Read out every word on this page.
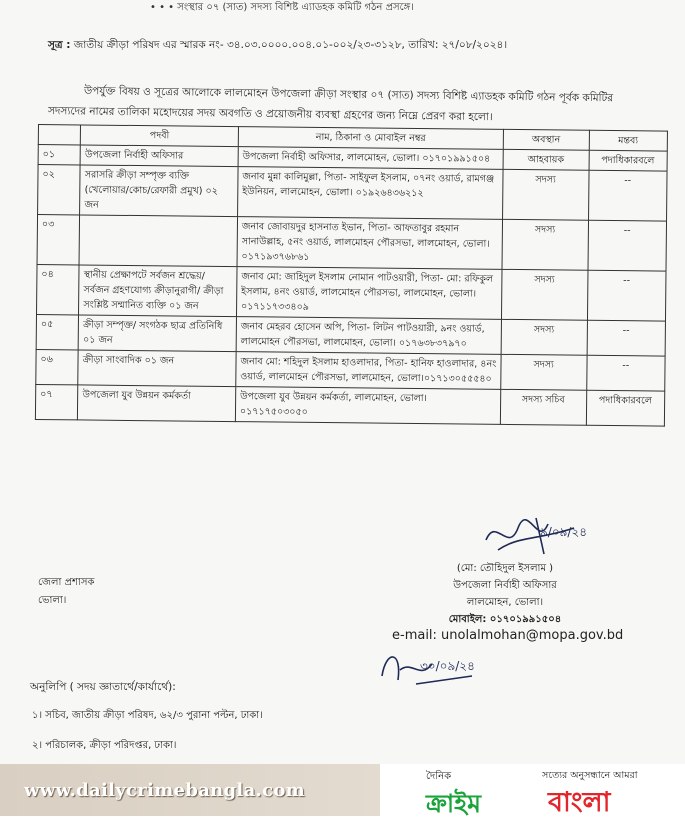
• • • সংস্থার ০৭ (সাত) সদস্য বিশিষ্ট এ্যাডহক কমিটি গঠন প্রসঙ্গে।
সূত্র : জাতীয় ক্রীড়া পরিষদ এর স্মারক নং- ৩৪.০৩.০০০০.০০৪.০১-০০২/২৩-৩১২৮, তারিখ: ২৭/০৮/২০২৪।
উপর্যুক্ত বিষয় ও সূত্রের আলোকে লালমোহন উপজেলা ক্রীড়া সংস্থার ০৭ (সাত) সদস্য বিশিষ্ট এ্যাডহক কমিটি গঠন পূর্বক কমিটির
সদস্যদের নামের তালিকা মহোদয়ের সদয় অবগতি ও প্রয়োজনীয় ব্যবস্থা গ্রহণের জন্য নিম্নে প্রেরণ করা হলো।
	পদবী	নাম, ঠিকানা ও মোবাইল নম্বর	অবস্থান	মন্তব্য
০১	উপজেলা নির্বাহী অফিসার	উপজেলা নির্বাহী অফিসার, লালমোহন, ভোলা। ০১৭০১৯৯১৫০৪	আহবায়ক	পদাধিকারবলে
০২	সরাসরি ক্রীড়া সম্পৃক্ত ব্যক্তি (খেলোয়ার/কোচ/রেফারী প্রমুখ) ০২ জন	জনাব মুন্না কালিমুল্লা, পিতা- সাইফুল ইসলাম, ০৭নং ওয়ার্ড, রামগঞ্জ ইউনিয়ন, লালমোহন, ভোলা। ০১৯২৬৪৩৬২১২	সদস্য	--
০৩		জনাব জোবায়দুর হাসনাত ইভান, পিতা- আফতাবুর রহমান সানাউল্লাহ, ৫নং ওয়ার্ড, লালমোহন পৌরসভা, লালমোহন, ভোলা। ০১৭১৯৩৭৬৮৬১	সদস্য	--
০৪	স্থানীয় প্রেক্ষাপটে সর্বজন শ্রদ্ধেয়/ সর্বজন গ্রহণযোগ্য ক্রীড়ানুরাগী/ ক্রীড়া সংশ্লিষ্ট সম্মানিত ব্যক্তি ০১ জন	জনাব মো: জাহিদুল ইসলাম নোমান পাটওয়ারী, পিতা- মো: রফিকুল ইসলাম, ৪নং ওয়ার্ড, লালমোহন পৌরসভা, লালমোহন, ভোলা। ০১৭১১৭৩৩৪০৯	সদস্য	--
০৫	ক্রীড়া সম্পৃক্ত/ সংগঠক ছাত্র প্রতিনিধি ০১ জন	জনাব মেহরব হোসেন অপি, পিতা- লিটন পাটওয়ারী, ৯নং ওয়ার্ড, লালমোহন পৌরসভা, লালমোহন, ভোলা। ০১৭৬৩৮৩৭৯৭০	সদস্য	--
০৬	ক্রীড়া সাংবাদিক ০১ জন	জনাব মো: শহিদুল ইসলাম হাওলাদার, পিতা- হানিফ হাওলাদার, ৪নং ওয়ার্ড, লালমোহন পৌরসভা, লালমোহন, ভোলা।০১৭১৩০৫৫৫৪০	সদস্য	--
০৭	উপজেলা যুব উন্নয়ন কর্মকর্তা	উপজেলা যুব উন্নয়ন কর্মকর্তা, লালমোহন, ভোলা। ০১৭১৭৫০৩০৫০	সদস্য সচিব	পদাধিকারবলে
৯/০৯/২৪
(মো: তৌহিদুল ইসলাম )
উপজেলা নির্বাহী অফিসার
লালমোহন, ভোলা।
মোবাইল: ০১৭০১৯৯১৫০৪
e-mail: unolalmohan@mopa.gov.bd
৩০/০৯/২৪
জেলা প্রশাসক
ভোলা।
অনুলিপি ( সদয় জ্ঞাতার্থে/কার্যার্থে):
১। সচিব, জাতীয় ক্রীড়া পরিষদ, ৬২/৩ পুরানা পল্টন, ঢাকা।
২। পরিচালক, ক্রীড়া পরিদপ্তর, ঢাকা।
www.dailycrimebangla.com
দৈনিক	সত্যের অনুসন্ধানে আমরা
ক্রাইম বাংলা
